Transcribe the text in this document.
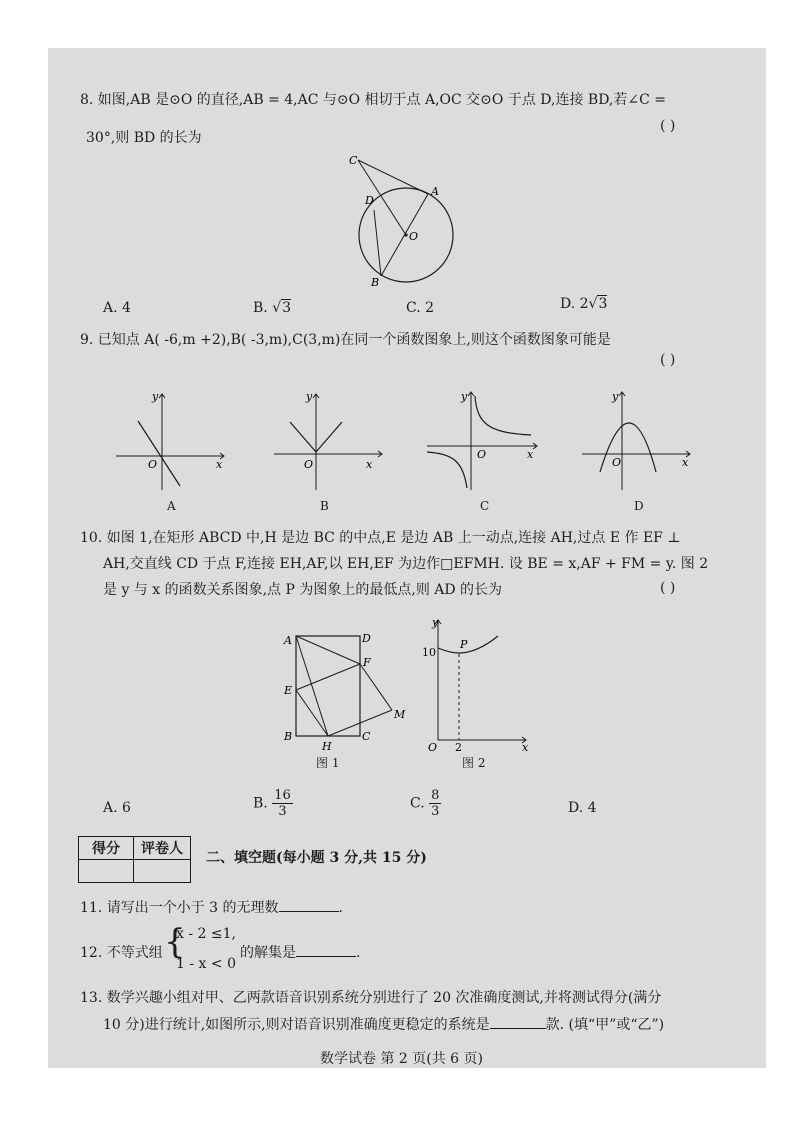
8. 如图,AB 是⊙O 的直径,AB = 4,AC 与⊙O 相切于点 A,OC 交⊙O 于点 D,连接 BD,若∠C =
30°,则 BD 的长为
( )
C
D
A
O
B
A. 4	B. √3	C. 2	D. 2√3
9. 已知点 A( -6,m +2),B( -3,m),C(3,m)在同一个函数图象上,则这个函数图象可能是
( )
y
x
O
A
y
x
O
B
y
x
O
C
y
x
O
D
10. 如图 1,在矩形 ABCD 中,H 是边 BC 的中点,E 是边 AB 上一动点,连接 AH,过点 E 作 EF ⊥
AH,交直线 CD 于点 F,连接 EH,AF,以 EH,EF 为边作□EFMH. 设 BE = x,AF + FM = y. 图 2
是 y 与 x 的函数关系图象,点 P 为图象上的最低点,则 AD 的长为	( )
A	D
F
E
M
B
H
C
图 1
y
P
10
O 2	x
图 2
A. 6	B. $\frac{16}{3}$	C. $\frac{8}{3}$	D. 4
得分	评卷人

二、填空题(每小题 3 分,共 15 分)
11. 请写出一个小于 3 的无理数	.
12. 不等式组 {
x - 2 ≤1,
1 - x < 0
的解集是	.
13. 数学兴趣小组对甲、乙两款语音识别系统分别进行了 20 次准确度测试,并将测试得分(满分
10 分)进行统计,如图所示,则对语音识别准确度更稳定的系统是	款. (填“甲”或“乙”)
数学试卷 第 2 页(共 6 页)
